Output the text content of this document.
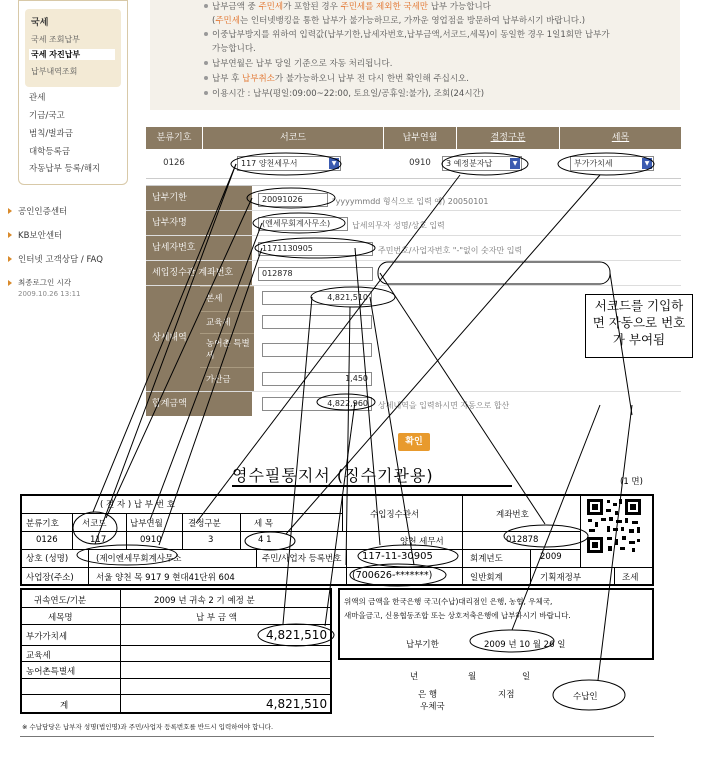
국세
국세 조회납부
국세 자진납부
납부내역조회
관세
기금/국고
범칙/벌과금
대학등록금
자동납부 등록/해지
공인인증센터
KB보안센터
인터넷 고객상담 / FAQ
최종로그인 시각
2009.10.26 13:11
납부금액 중 주민세가 포함된 경우 주민세를 제외한 국세만 납부 가능합니다
(주민세는 인터넷뱅킹을 통한 납부가 불가능하므로, 가까운 영업점을 방문하여 납부하시기 바랍니다.)
이중납부방지를 위하여 입력값(납부기한,납세자번호,납부금액,서코드,세목)이 동일한 경우 1일1회만 납부가
가능합니다.
납부연월은 납부 당일 기준으로 자동 처리됩니다.
납부 후 납부취소가 불가능하오니 납부 전 다시 한번 확인해 주십시오.
이용시간 : 납부(평일:09:00~22:00, 토요일/공휴일:불가), 조회(24시간)
분류기호	서코드	납부연월	결정구분	세목
0126	117 양천세무서	▼	0910	3 예정분자납	▼	부가가치세	▼
납부기한	20091026	"yyyymmdd 형식으로 입력 예) 20050101
납부자명	(엔세무회계사무소)	납세의무자 성명/상호 입력
납세자번호	1171130905	주민번호/사업자번호 "-"없이 숫자만 입력
세입징수관 계좌번호	012878
상세내역
본세	4,821,510
교육세
농어촌 특별세
가산금	1,450
합계금액	4,822,960	상세내역을 입력하시면 자동으로 합산
확인
서코드를 기입하면 자동으로 번호가 부여됨
영수필통지서 (징수기관용)	(1 면)
( 전 자 ) 납 부 번 호
분류기호	서코드	납부연월	결정구분	세 목
0126	117	0910	3	4 1
수입징수관서	계좌번호
양천 세무서	012878
상호 (성명)	(제이엔세무회계사무소	주민/사업자 등록번호 117-11-30905	회계년도	2009
사업장(주소)	서울 양천 목 917 9 현대41단위 604	(700626-*******)	일반회계	기획재정부	조세
귀속연도/기분	2009 년 귀속 2 기 예정 분
세목명	납 부 금 액
부가가치세	4,821,510
교육세
농어촌특별세
계	4,821,510
위액의 금액을 한국은행 국고(수납)대리점인 은행, 농협, 우체국,
새마을금고, 신용협동조합 또는 상호저축은행에 납부하시기 바랍니다.
납부기한	2009 년 10 월 26 일
년	월	일
은 행	지점
우체국
수납인
※ 수납담당은 납부자 성명(법인명)과 주민/사업자 등록번호를 반드시 입력하여야 합니다.
